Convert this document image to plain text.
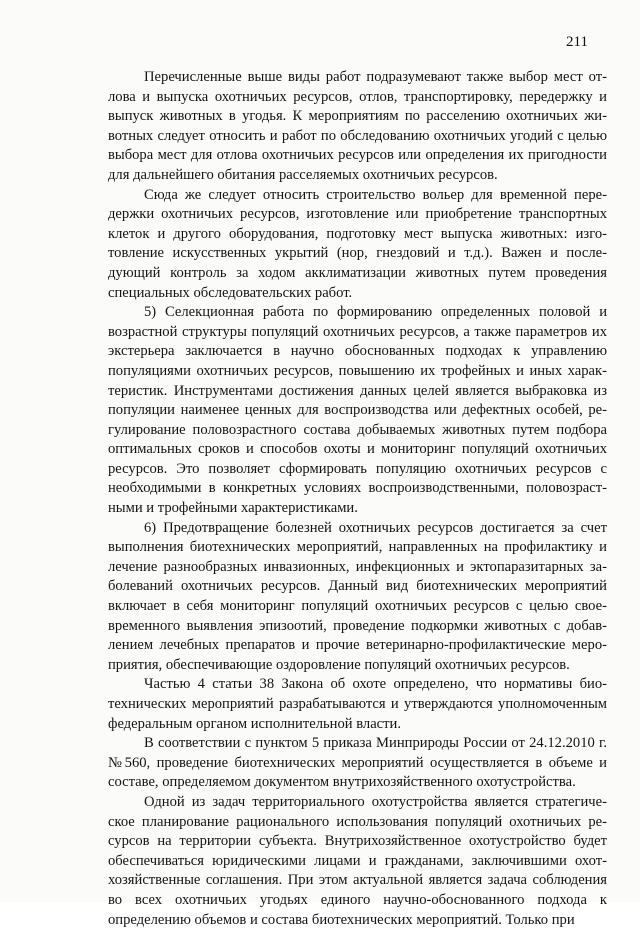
211

Перечисленные выше виды работ подразумевают также выбор мест отлова и выпуска охотничьих ресурсов, отлов, транспортировку, передержку и выпуск животных в угодья. К мероприятиям по расселению охотничьих животных следует относить и работ по обследованию охотничьих угодий с целью выбора мест для отлова охотничьих ресурсов или определения их пригодности для дальнейшего обитания расселяемых охотничьих ресурсов.

Сюда же следует относить строительство вольер для временной передержки охотничьих ресурсов, изготовление или приобретение транспортных клеток и другого оборудования, подготовку мест выпуска животных: изготовление искусственных укрытий (нор, гнездовий и т.д.). Важен и последующий контроль за ходом акклиматизации животных путем проведения специальных обследовательских работ.

5) Селекционная работа по формированию определенных половой и возрастной структуры популяций охотничьих ресурсов, а также параметров их экстерьера заключается в научно обоснованных подходах к управлению популяциями охотничьих ресурсов, повышению их трофейных и иных характеристик. Инструментами достижения данных целей является выбраковка из популяции наименее ценных для воспроизводства или дефектных особей, регулирование половозрастного состава добываемых животных путем подбора оптимальных сроков и способов охоты и мониторинг популяций охотничьих ресурсов. Это позволяет сформировать популяцию охотничьих ресурсов с необходимыми в конкретных условиях воспроизводственными, половозрастными и трофейными характеристиками.

6) Предотвращение болезней охотничьих ресурсов достигается за счет выполнения биотехнических мероприятий, направленных на профилактику и лечение разнообразных инвазионных, инфекционных и эктопаразитарных заболеваний охотничьих ресурсов. Данный вид биотехнических мероприятий включает в себя мониторинг популяций охотничьих ресурсов с целью своевременного выявления эпизоотий, проведение подкормки животных с добавлением лечебных препаратов и прочие ветеринарно-профилактические мероприятия, обеспечивающие оздоровление популяций охотничьих ресурсов.

Частью 4 статьи 38 Закона об охоте определено, что нормативы биотехнических мероприятий разрабатываются и утверждаются уполномоченным федеральным органом исполнительной власти.

В соответствии с пунктом 5 приказа Минприроды России от 24.12.2010 г. №560, проведение биотехнических мероприятий осуществляется в объеме и составе, определяемом документом внутрихозяйственного охотустройства.

Одной из задач территориального охотустройства является стратегическое планирование рационального использования популяций охотничьих ресурсов на территории субъекта. Внутрихозяйственное охотустройство будет обеспечиваться юридическими лицами и гражданами, заключившими охотхозяйственные соглашения. При этом актуальной является задача соблюдения во всех охотничьих угодьях единого научно-обоснованного подхода к определению объемов и состава биотехнических мероприятий. Только при
